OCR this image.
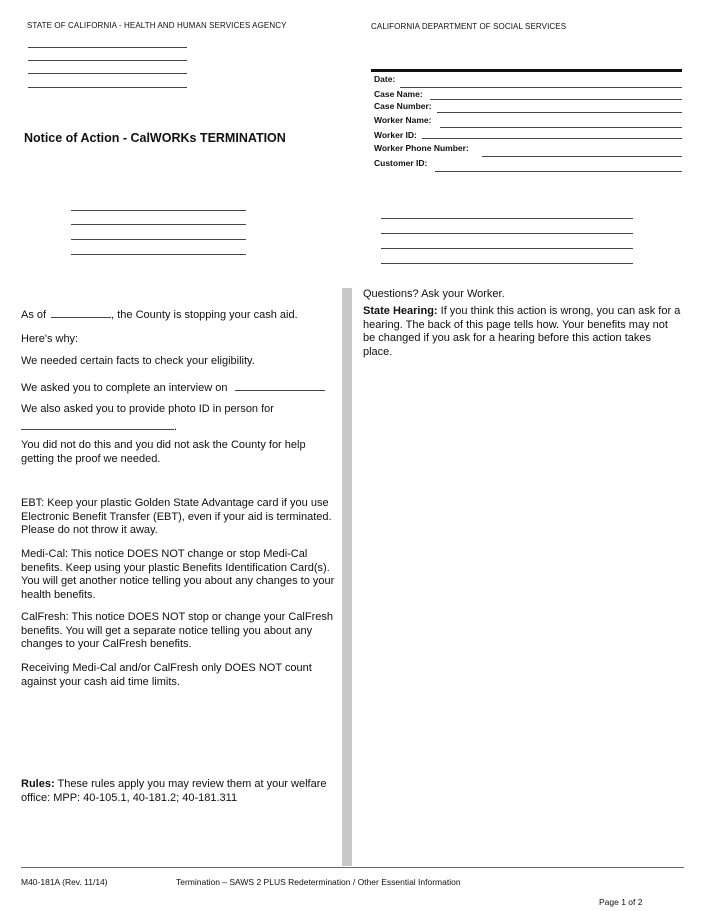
STATE OF CALIFORNIA - HEALTH AND HUMAN SERVICES AGENCY	CALIFORNIA DEPARTMENT OF SOCIAL SERVICES
Notice of Action - CalWORKs TERMINATION
Date:
Case Name:
Case Number:
Worker Name:
Worker ID:
Worker Phone Number:
Customer ID:
As of	, the County is stopping your cash aid.
Here's why:
We needed certain facts to check your eligibility.
We asked you to complete an interview on
We also asked you to provide photo ID in person for
.
You did not do this and you did not ask the County for help getting the proof we needed.
EBT: Keep your plastic Golden State Advantage card if you use Electronic Benefit Transfer (EBT), even if your aid is terminated. Please do not throw it away.
Medi-Cal: This notice DOES NOT change or stop Medi-Cal benefits. Keep using your plastic Benefits Identification Card(s). You will get another notice telling you about any changes to your health benefits.
CalFresh: This notice DOES NOT stop or change your CalFresh benefits. You will get a separate notice telling you about any changes to your CalFresh benefits.
Receiving Medi-Cal and/or CalFresh only DOES NOT count against your cash aid time limits.
Rules: These rules apply you may review them at your welfare office: MPP: 40-105.1, 40-181.2; 40-181.311
Questions? Ask your Worker.
State Hearing: If you think this action is wrong, you can ask for a hearing. The back of this page tells how. Your benefits may not be changed if you ask for a hearing before this action takes place.
M40-181A (Rev. 11/14)	Termination – SAWS 2 PLUS Redetermination / Other Essential Information
Page 1 of 2
